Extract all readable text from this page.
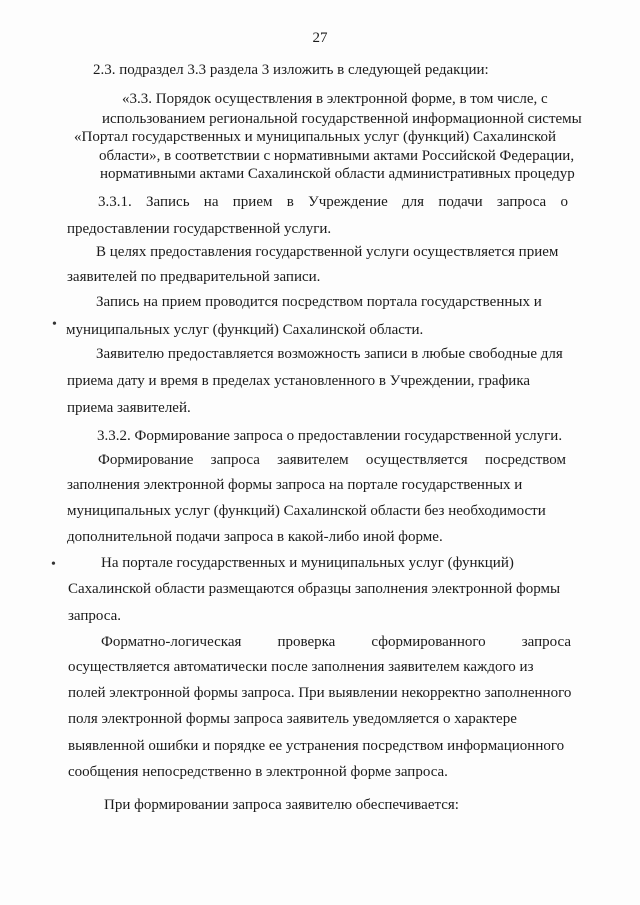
27
2.3. подраздел 3.3 раздела 3 изложить в следующей редакции:
«3.3. Порядок осуществления в электронной форме, в том числе, с
использованием региональной государственной информационной системы
«Портал государственных и муниципальных услуг (функций) Сахалинской
области», в соответствии с нормативными актами Российской Федерации,
нормативными актами Сахалинской области административных процедур
3.3.1. Запись на прием в Учреждение для подачи запроса о
предоставлении государственной услуги.
В целях предоставления государственной услуги осуществляется прием
заявителей по предварительной записи.
Запись на прием проводится посредством портала государственных и
• муниципальных услуг (функций) Сахалинской области.
Заявителю предоставляется возможность записи в любые свободные для
приема дату и время в пределах установленного в Учреждении, графика
приема заявителей.
3.3.2. Формирование запроса о предоставлении государственной услуги.
Формирование запроса заявителем осуществляется посредством
заполнения электронной формы запроса на портале государственных и
муниципальных услуг (функций) Сахалинской области без необходимости
дополнительной подачи запроса в какой-либо иной форме.
•	На портале государственных и муниципальных услуг (функций)
Сахалинской области размещаются образцы заполнения электронной формы
запроса.
Форматно-логическая проверка сформированного запроса
осуществляется автоматически после заполнения заявителем каждого из
полей электронной формы запроса. При выявлении некорректно заполненного
поля электронной формы запроса заявитель уведомляется о характере
выявленной ошибки и порядке ее устранения посредством информационного
сообщения непосредственно в электронной форме запроса.
При формировании запроса заявителю обеспечивается:
